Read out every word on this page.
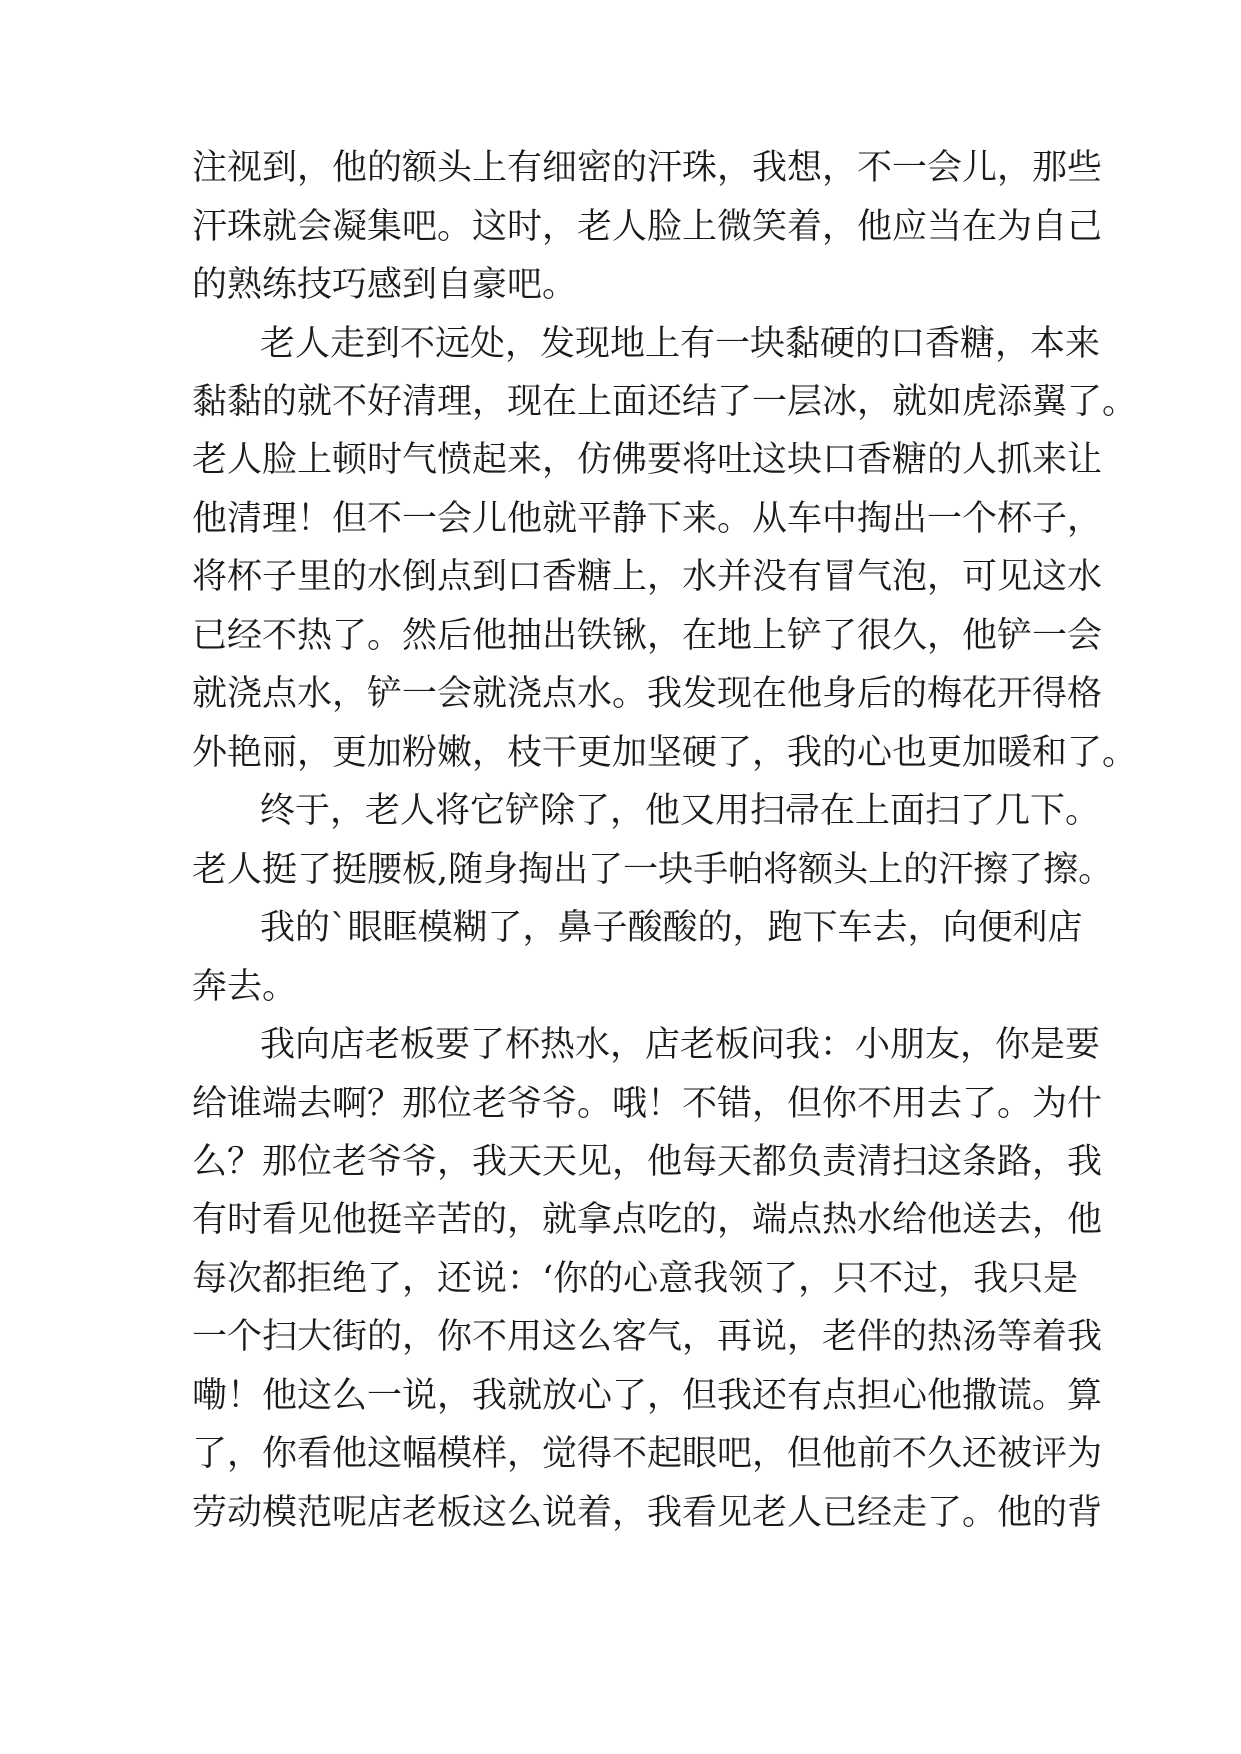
注视到，他的额头上有细密的汗珠，我想，不一会儿，那些
汗珠就会凝集吧。这时，老人脸上微笑着，他应当在为自己
的熟练技巧感到自豪吧。
老人走到不远处，发现地上有一块黏硬的口香糖，本来
黏黏的就不好清理，现在上面还结了一层冰，就如虎添翼了。
老人脸上顿时气愤起来，仿佛要将吐这块口香糖的人抓来让
他清理！但不一会儿他就平静下来。从车中掏出一个杯子，
将杯子里的水倒点到口香糖上，水并没有冒气泡，可见这水
已经不热了。然后他抽出铁锹，在地上铲了很久，他铲一会
就浇点水，铲一会就浇点水。我发现在他身后的梅花开得格
外艳丽，更加粉嫩，枝干更加坚硬了，我的心也更加暖和了。
终于，老人将它铲除了，他又用扫帚在上面扫了几下。
老人挺了挺腰板,随身掏出了一块手帕将额头上的汗擦了擦。
我的`眼眶模糊了，鼻子酸酸的，跑下车去，向便利店
奔去。
我向店老板要了杯热水，店老板问我：小朋友，你是要
给谁端去啊？那位老爷爷。哦！不错，但你不用去了。为什
么？那位老爷爷，我天天见，他每天都负责清扫这条路，我
有时看见他挺辛苦的，就拿点吃的，端点热水给他送去，他
每次都拒绝了，还说：‘你的心意我领了，只不过，我只是
一个扫大街的，你不用这么客气，再说，老伴的热汤等着我
嘞！他这么一说，我就放心了，但我还有点担心他撒谎。算
了，你看他这幅模样，觉得不起眼吧，但他前不久还被评为
劳动模范呢店老板这么说着，我看见老人已经走了。他的背
